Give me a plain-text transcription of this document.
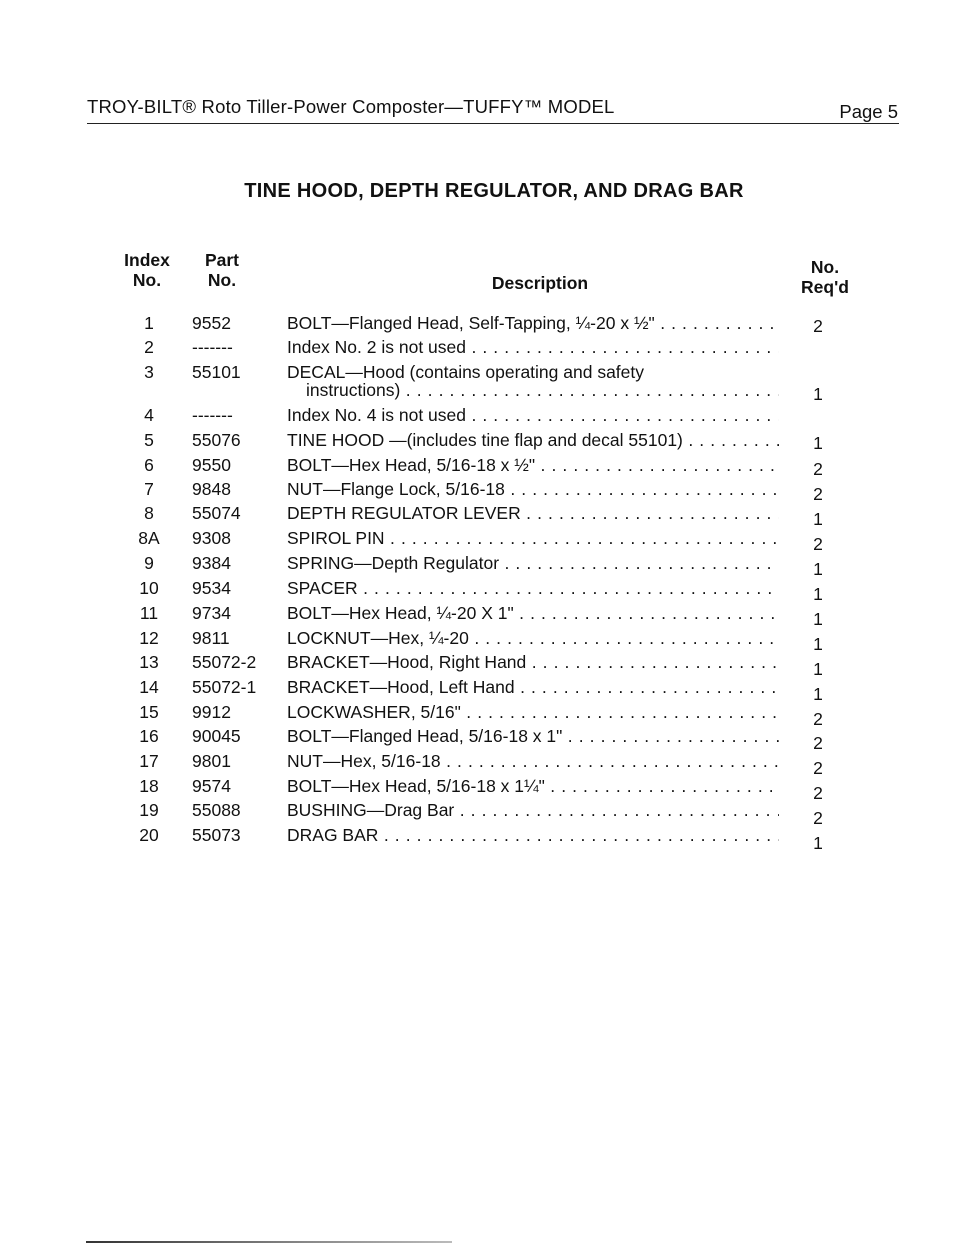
TROY-BILT® Roto Tiller-Power Composter—TUFFY™ MODEL	Page 5
TINE HOOD, DEPTH REGULATOR, AND DRAG BAR
Index
No.
Part
No.	Description
No.
Req'd
1	9552	BOLT—Flanged Head, Self-Tapping, ¼-20 x ½" . . .	2
2	-------	Index No. 2 is not used . . .
3	55101	DECAL—Hood (contains operating and safety
instructions) . . .	1
4	-------	Index No. 4 is not used . . .
5	55076	TINE HOOD —(includes tine flap and decal 55101) . . .	1
6	9550	BOLT—Hex Head, 5/16-18 x ½" . . .	2
7	9848	NUT—Flange Lock, 5/16-18 . . .	2
8	55074	DEPTH REGULATOR LEVER . . .	1
8A	9308	SPIROL PIN . . .	2
9	9384	SPRING—Depth Regulator . . .	1
10	9534	SPACER . . .	1
11	9734	BOLT—Hex Head, ¼-20 X 1" . . .	1
12	9811	LOCKNUT—Hex, ¼-20 . . .	1
13	55072-2 BRACKET—Hood, Right Hand . . .	1
14	55072-1 BRACKET—Hood, Left Hand . . .	1
15	9912	LOCKWASHER, 5/16" . . .	2
16	90045	BOLT—Flanged Head, 5/16-18 x 1" . . .	2
17	9801	NUT—Hex, 5/16-18 . . .	2
18	9574	BOLT—Hex Head, 5/16-18 x 1¼" . . .	2
19	55088	BUSHING—Drag Bar . . .	2
20	55073	DRAG BAR . . .	1
